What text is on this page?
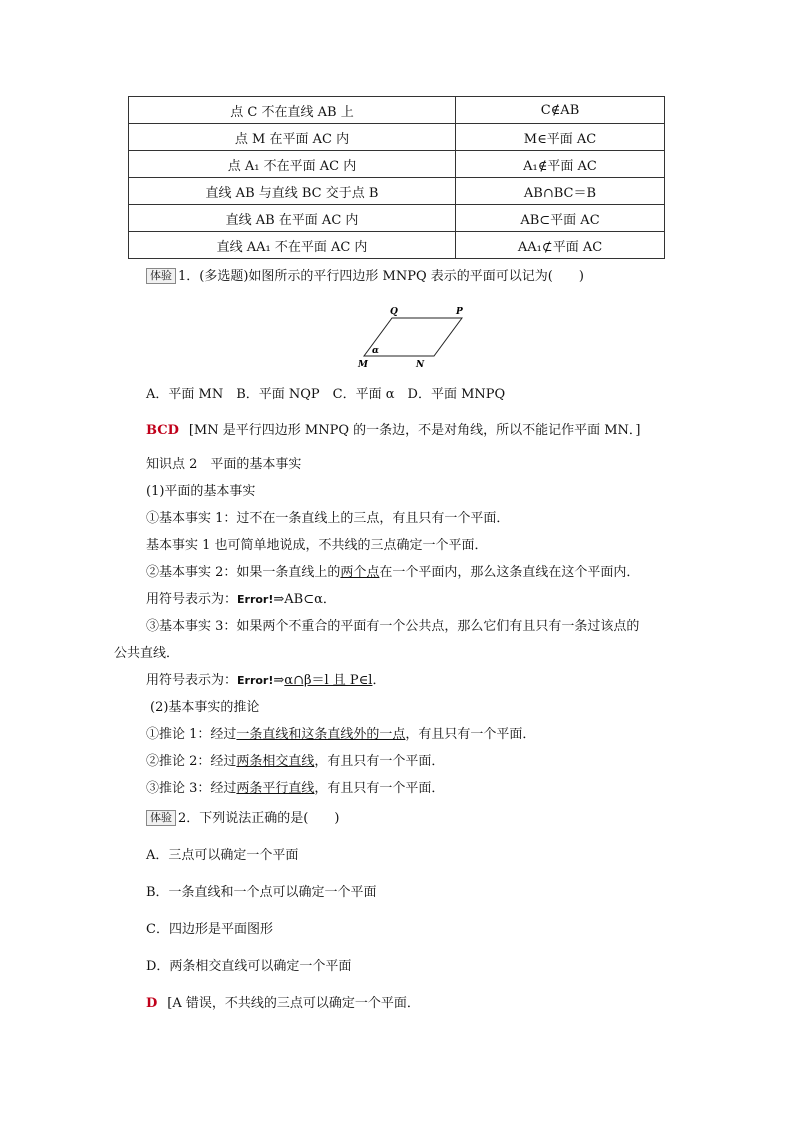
点 C 不在直线 AB 上	C∉AB
点 M 在平面 AC 内	M∈平面 AC
点 A₁ 不在平面 AC 内	A₁∉平面 AC
直线 AB 与直线 BC 交于点 B	AB∩BC＝B
直线 AB 在平面 AC 内	AB⊂平面 AC
直线 AA₁ 不在平面 AC 内	AA₁⊄平面 AC
体验 1．(多选题)如图所示的平行四边形 MNPQ 表示的平面可以记为(　　)
Q	P
M	N
α
A．平面 MN　B．平面 NQP　C．平面 α　D．平面 MNPQ
BCD [MN 是平行四边形 MNPQ 的一条边，不是对角线，所以不能记作平面 MN．]
知识点 2　平面的基本事实
(1)平面的基本事实
①基本事实 1：过不在一条直线上的三点，有且只有一个平面．
基本事实 1 也可简单地说成，不共线的三点确定一个平面．
②基本事实 2：如果一条直线上的两个点在一个平面内，那么这条直线在这个平面内．
用符号表示为：Error!⇒AB⊂α．
③基本事实 3：如果两个不重合的平面有一个公共点，那么它们有且只有一条过该点的
公共直线．
用符号表示为：Error!⇒α∩β＝l 且 P∈l．
(2)基本事实的推论
①推论 1：经过一条直线和这条直线外的一点，有且只有一个平面．
②推论 2：经过两条相交直线，有且只有一个平面．
③推论 3：经过两条平行直线，有且只有一个平面．
体验 2．下列说法正确的是(　　)
A．三点可以确定一个平面
B．一条直线和一个点可以确定一个平面
C．四边形是平面图形
D．两条相交直线可以确定一个平面
D [A 错误，不共线的三点可以确定一个平面．
